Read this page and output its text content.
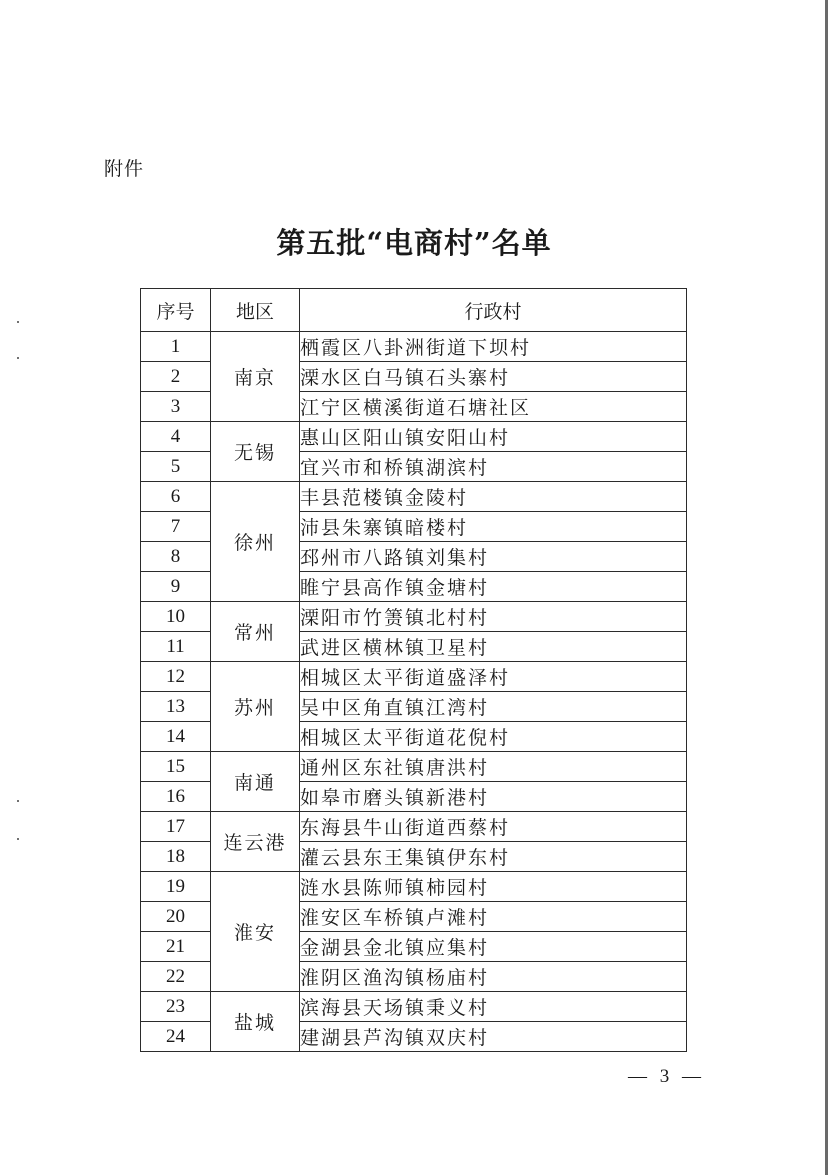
附件
第五批“电商村”名单
序号	地区	行政村
1	南京	栖霞区八卦洲街道下坝村
2		溧水区白马镇石头寨村
3		江宁区横溪街道石塘社区
4	无锡	惠山区阳山镇安阳山村
5		宜兴市和桥镇湖滨村
6	徐州	丰县范楼镇金陵村
7		沛县朱寨镇暗楼村
8		邳州市八路镇刘集村
9		睢宁县高作镇金塘村
10	常州	溧阳市竹箦镇北村村
11		武进区横林镇卫星村
12	苏州	相城区太平街道盛泽村
13		吴中区角直镇江湾村
14		相城区太平街道花倪村
15	南通	通州区东社镇唐洪村
16		如皋市磨头镇新港村
17	连云港	东海县牛山街道西蔡村
18		灌云县东王集镇伊东村
19	淮安	涟水县陈师镇柿园村
20		淮安区车桥镇卢滩村
21		金湖县金北镇应集村
22		淮阴区渔沟镇杨庙村
23	盐城	滨海县天场镇秉义村
24		建湖县芦沟镇双庆村
— 3 —
